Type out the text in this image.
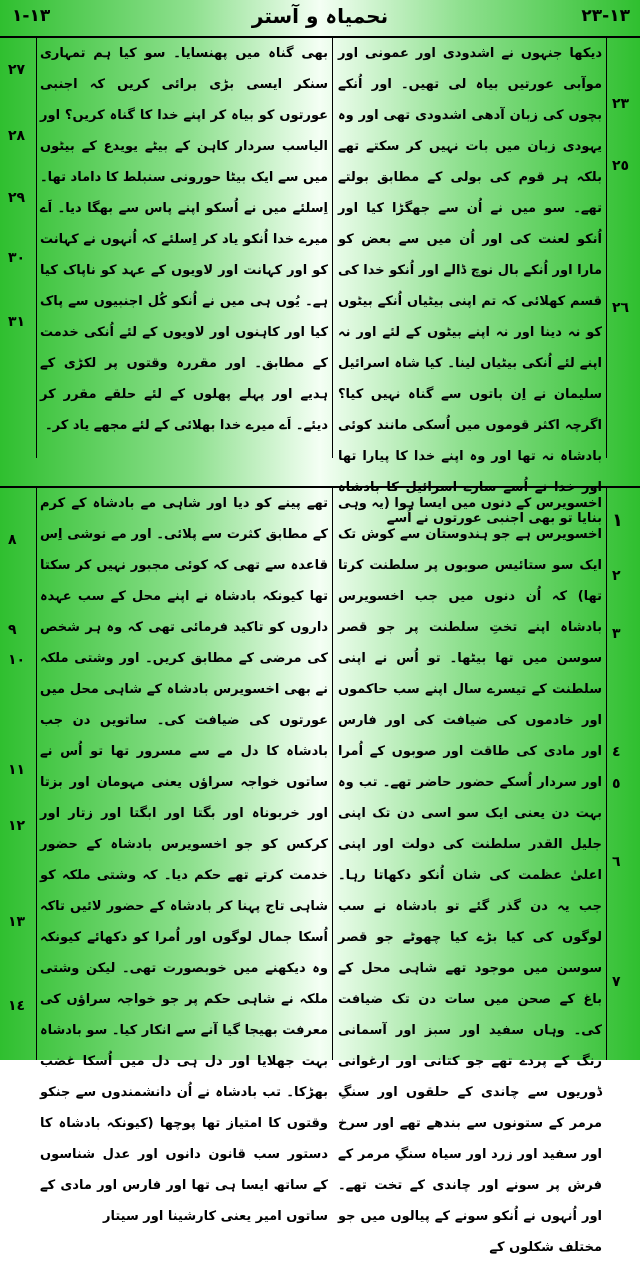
١٣-١	نحمیاہ و آستر	١٣-٢٣
٢٧
٢٨
٢٩
٣٠
٣١

بھی گناہ میں پھنسایا۔ سو کیا ہم تمہاری سنکر ایسی بڑی برائی کریں کہ اجنبی عورتوں کو بیاہ کر اپنے خدا کا گناہ کریں؟ اور الیاسب سردار کاہن کے بیٹے یویدع کے بیٹوں میں سے ایک بیٹا حورونی سنبلط کا داماد تھا۔ اِسلئے میں نے اُسکو اپنے پاس سے بھگا دیا۔ اَے میرے خدا اُنکو یاد کر اِسلئے کہ اُنہوں نے کہانت کو اور کہانت اور لاویوں کے عہد کو ناپاک کیا ہے۔ یُوں ہی میں نے اُنکو کُل اجنبیوں سے پاک کیا اور کاہنوں اور لاویوں کے لئے اُنکی خدمت کے مطابق۔ اور مقررہ وقتوں پر لکڑی کے ہدیے اور پہلے پھلوں کے لئے حلقے مقرر کر دیئے۔ اَے میرے خدا بھلائی کے لئے مجھے یاد کر۔

دیکھا جنہوں نے اشدودی اور عمونی اور موآبی عورتیں بیاہ لی تھیں۔ اور اُنکے بچوں کی زبان آدھی اشدودی تھی اور وہ یہودی زبان میں بات نہیں کر سکتے تھے بلکہ ہر قوم کی بولی کے مطابق بولتے تھے۔ سو میں نے اُن سے جھگڑا کیا اور اُنکو لعنت کی اور اُن میں سے بعض کو مارا اور اُنکے بال نوچ ڈالے اور اُنکو خدا کی قسم کھلائی کہ تم اپنی بیٹیاں اُنکے بیٹوں کو نہ دینا اور نہ اپنے بیٹوں کے لئے اور نہ اپنے لئے اُنکی بیٹیاں لینا۔ کیا شاہ اسرائیل سلیمان نے اِن باتوں سے گناہ نہیں کیا؟ اگرچہ اکثر قوموں میں اُسکی مانند کوئی بادشاہ نہ تھا اور وہ اپنے خدا کا پیارا تھا اور خدا نے اُسے سارے اسرائیل کا بادشاہ بنایا تو بھی اجنبی عورتوں نے اُسے

٢٣
٢٥
٢٦
٨
٩
١٠
١١
١٢
١٣
١٤

تھے پینے کو دیا اور شاہی مے بادشاہ کے کرم کے مطابق کثرت سے پلائی۔ اور مے نوشی اِس قاعدہ سے تھی کہ کوئی مجبور نہیں کر سکتا تھا کیونکہ بادشاہ نے اپنے محل کے سب عہدہ داروں کو تاکید فرمائی تھی کہ وہ ہر شخص کی مرضی کے مطابق کریں۔ اور وشتی ملکہ نے بھی اخسویرس بادشاہ کے شاہی محل میں عورتوں کی ضیافت کی۔ ساتویں دن جب بادشاہ کا دل مے سے مسرور تھا تو اُس نے ساتوں خواجہ سراؤں یعنی مہومان اور بزتا اور خربوناہ اور بگتا اور ابگتا اور زتار اور کرکس کو جو اخسویرس بادشاہ کے حضور خدمت کرتے تھے حکم دیا۔ کہ وشتی ملکہ کو شاہی تاج پہنا کر بادشاہ کے حضور لائیں تاکہ اُسکا جمال لوگوں اور اُمرا کو دکھائے کیونکہ وہ دیکھنے میں خوبصورت تھی۔ لیکن وشتی ملکہ نے شاہی حکم پر جو خواجہ سراؤں کی معرفت بھیجا گیا آنے سے انکار کیا۔ سو بادشاہ بہت جھلایا اور دل ہی دل میں اُسکا غضب بھڑکا۔ تب بادشاہ نے اُن دانشمندوں سے جنکو وقتوں کا امتیاز تھا پوچھا (کیونکہ بادشاہ کا دستور سب قانون دانوں اور عدل شناسوں کے ساتھ ایسا ہی تھا اور فارس اور مادی کے ساتوں امیر یعنی کارشینا اور سیتار

اخسویرس کے دنوں میں ایسا ہوا (یہ وہی اخسویرس ہے جو ہندوستان سے کوش تک ایک سو ستائیس صوبوں پر سلطنت کرتا تھا) کہ اُن دنوں میں جب اخسویرس بادشاہ اپنے تختِ سلطنت پر جو قصر سوسن میں تھا بیٹھا۔ تو اُس نے اپنی سلطنت کے تیسرے سال اپنے سب حاکموں اور خادموں کی ضیافت کی اور فارس اور مادی کی طاقت اور صوبوں کے اُمرا اور سردار اُسکے حضور حاضر تھے۔ تب وہ بہت دن یعنی ایک سو اسی دن تک اپنی جلیل القدر سلطنت کی دولت اور اپنی اعلیٰ عظمت کی شان اُنکو دکھاتا رہا۔ جب یہ دن گذر گئے تو بادشاہ نے سب لوگوں کی کیا بڑے کیا چھوٹے جو قصر سوسن میں موجود تھے شاہی محل کے باغ کے صحن میں سات دن تک ضیافت کی۔ وہاں سفید اور سبز اور آسمانی رنگ کے پردے تھے جو کتانی اور ارغوانی ڈوریوں سے چاندی کے حلقوں اور سنگِ مرمر کے ستونوں سے بندھے تھے اور سرخ اور سفید اور زرد اور سیاہ سنگِ مرمر کے فرش پر سونے اور چاندی کے تخت تھے۔ اور اُنہوں نے اُنکو سونے کے پیالوں میں جو مختلف شکلوں کے

١
٢
٣
٤
٥
٦
٧
